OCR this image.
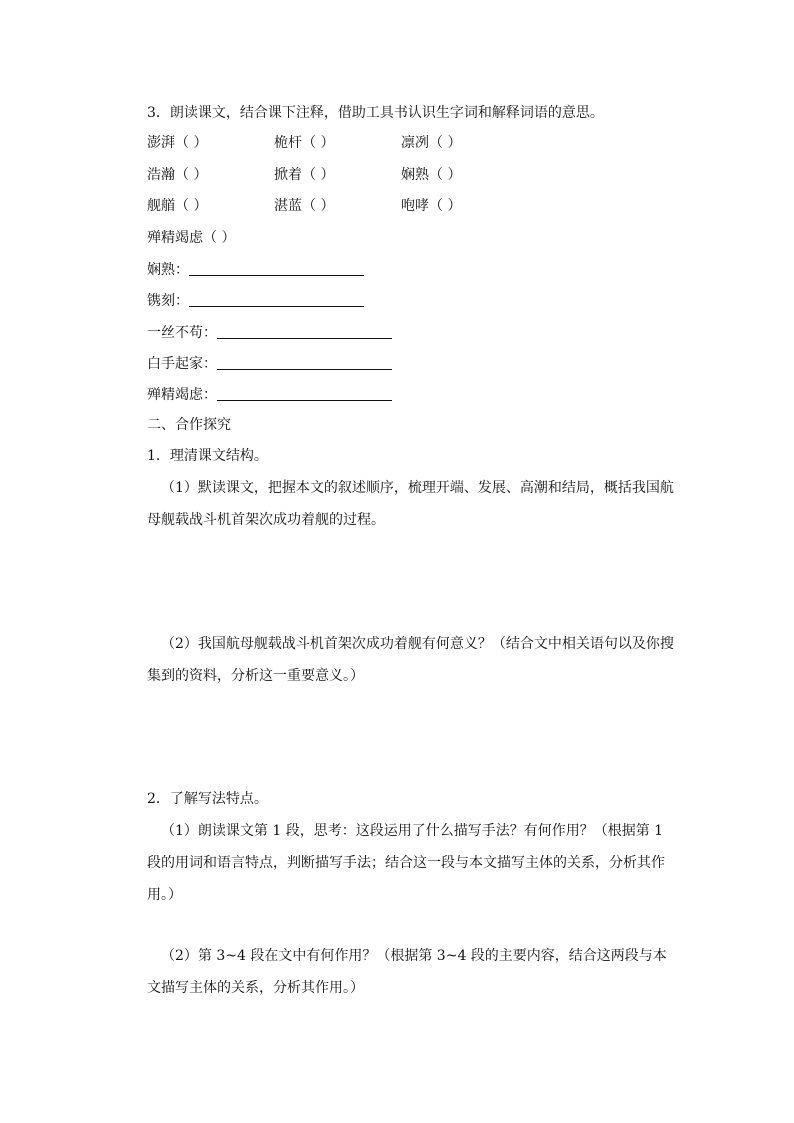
3．朗读课文，结合课下注释，借助工具书认识生字词和解释词语的意思。
澎湃（ ）	桅杆（ ）	凛冽（ ）
浩瀚（ ）	掀着（ ）	娴熟（ ）
舰艏（ ）	湛蓝（ ）	咆哮（ ）
殚精竭虑（ ）
娴熟：
镌刻：
一丝不苟：
白手起家：
殚精竭虑：
二、合作探究
1．理清课文结构。
（1）默读课文，把握本文的叙述顺序，梳理开端、发展、高潮和结局，概括我国航母舰载战斗机首架次成功着舰的过程。
（2）我国航母舰载战斗机首架次成功着舰有何意义？（结合文中相关语句以及你搜集到的资料，分析这一重要意义。）
2．了解写法特点。
（1）朗读课文第 1 段，思考：这段运用了什么描写手法？有何作用？（根据第 1 段的用词和语言特点，判断描写手法；结合这一段与本文描写主体的关系，分析其作用。）
（2）第 3~4 段在文中有何作用？（根据第 3~4 段的主要内容，结合这两段与本文描写主体的关系，分析其作用。）
